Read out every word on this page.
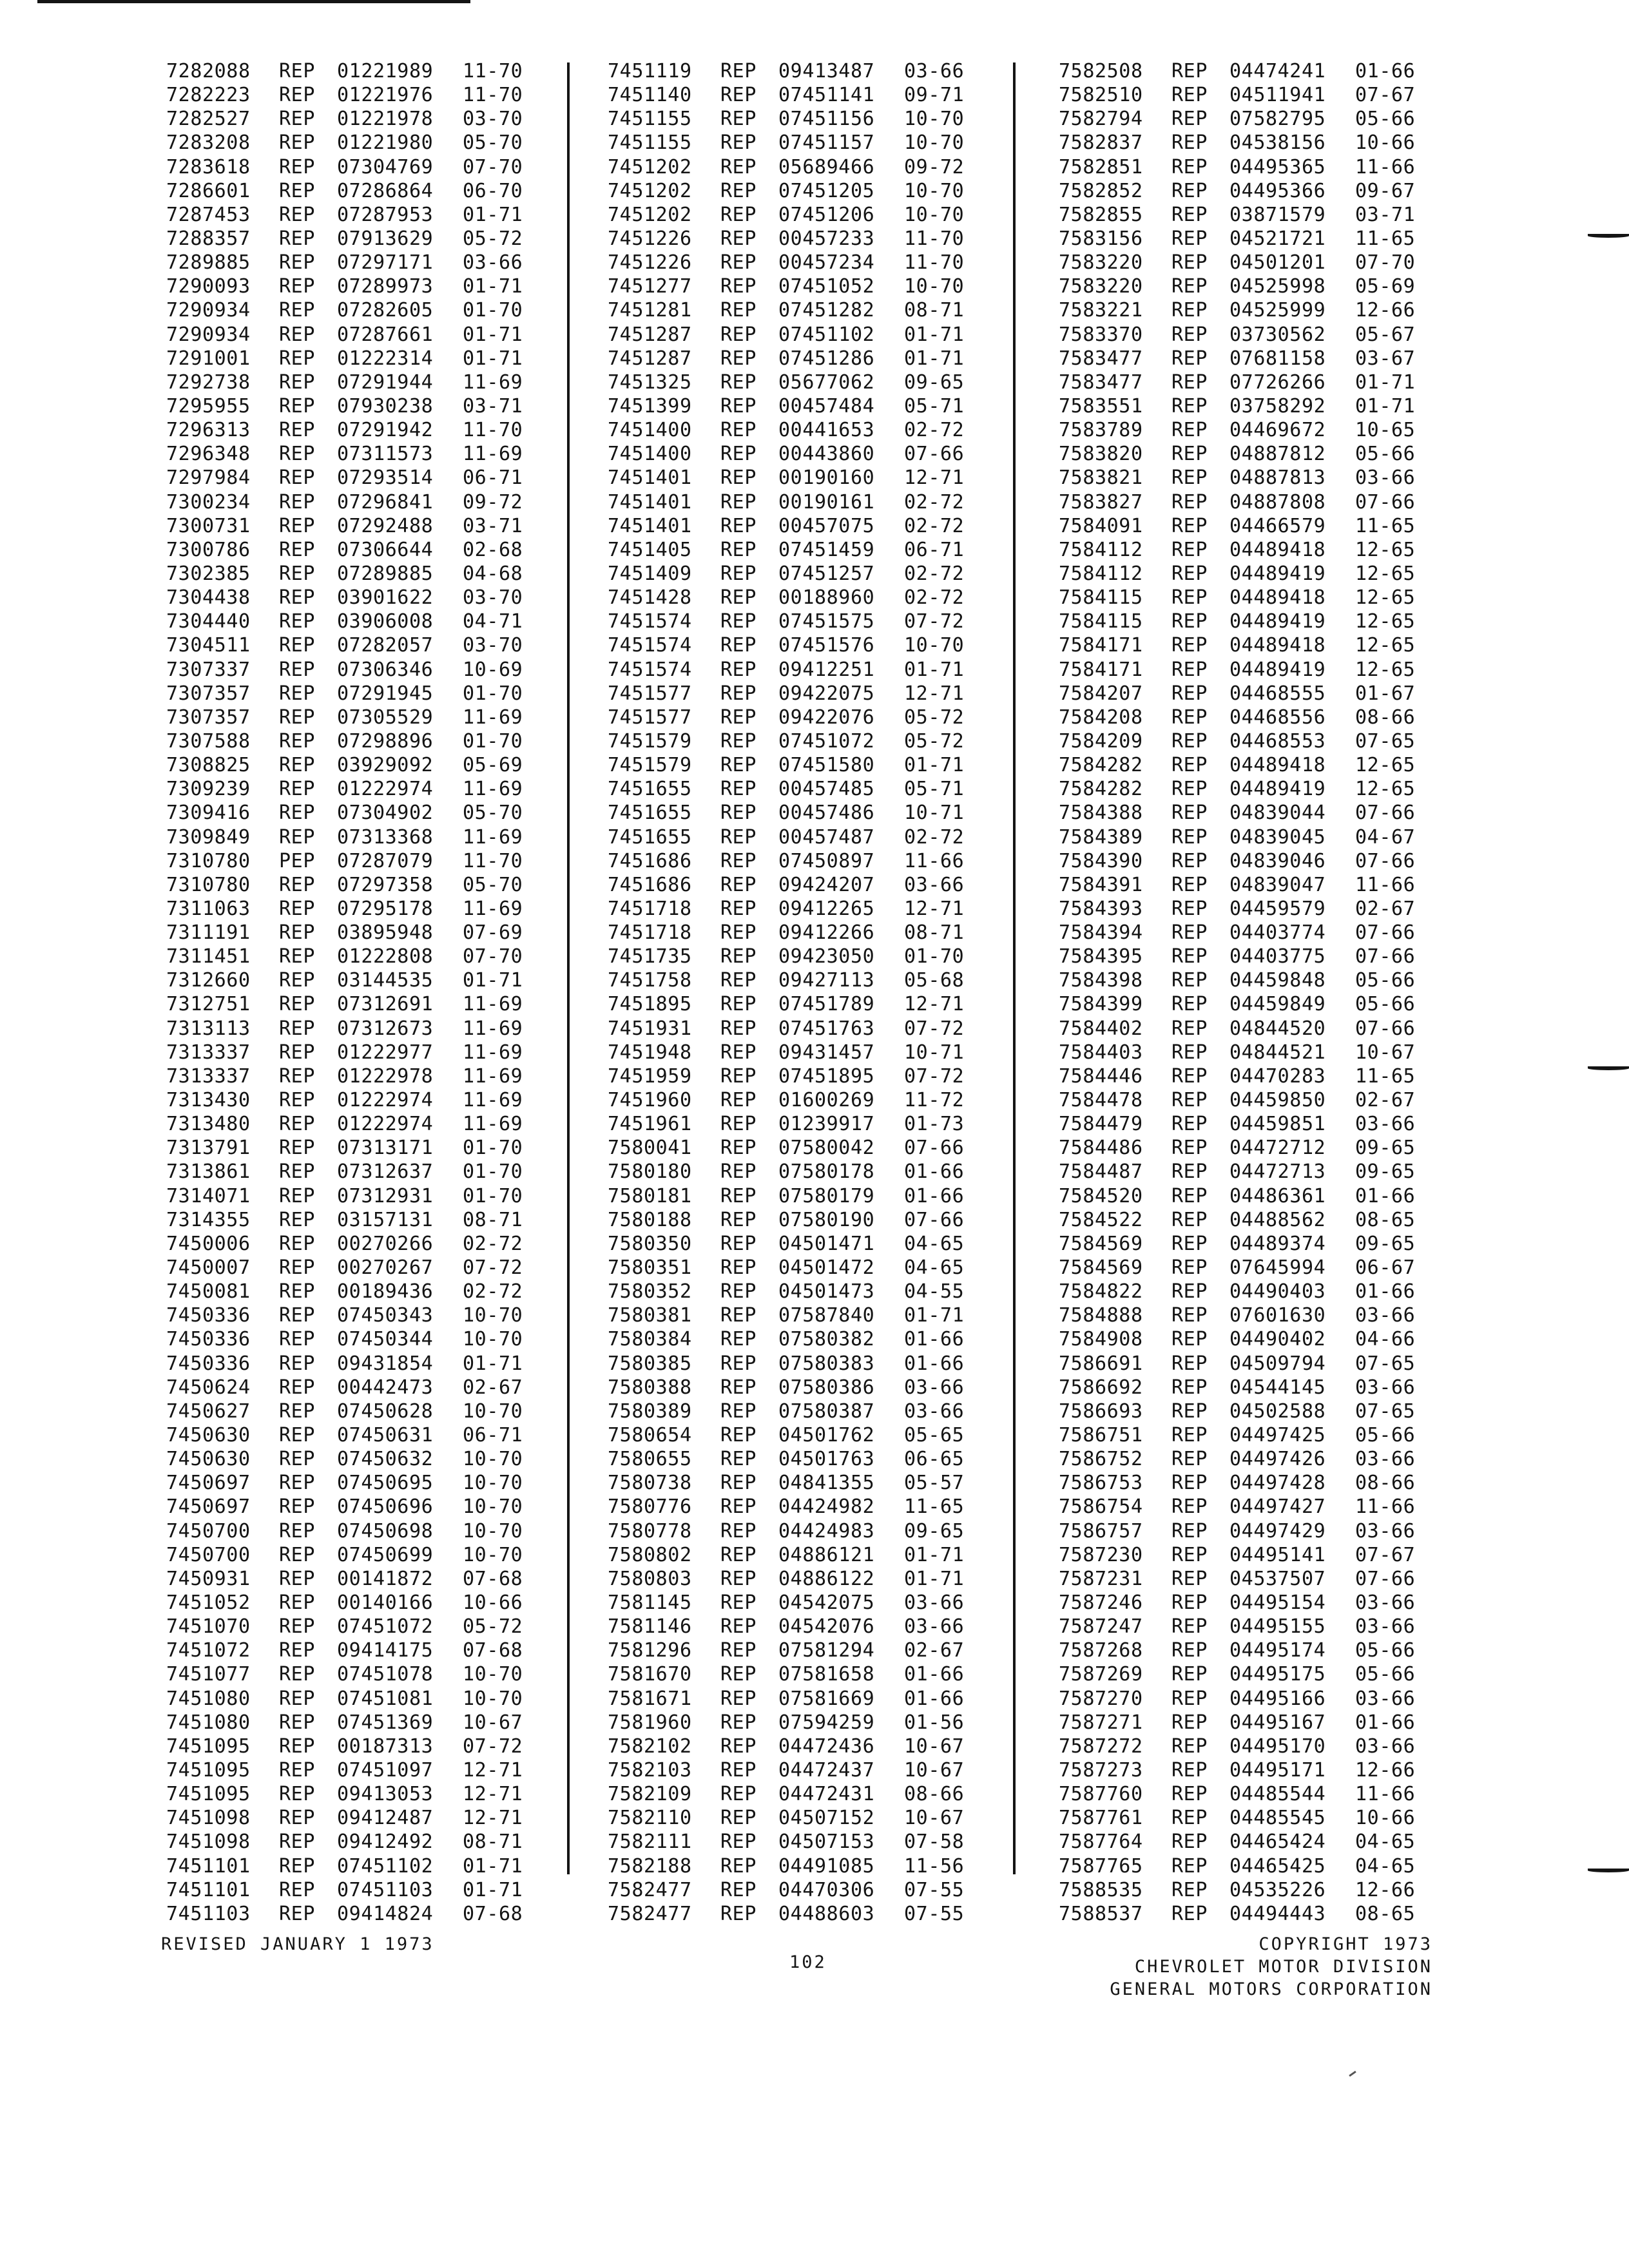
7282088 REP 01221989 11-70
7282223 REP 01221976 11-70
7282527 REP 01221978 03-70
7283208 REP 01221980 05-70
7283618 REP 07304769 07-70
7286601 REP 07286864 06-70
7287453 REP 07287953 01-71
7288357 REP 07913629 05-72
7289885 REP 07297171 03-66
7290093 REP 07289973 01-71
7290934 REP 07282605 01-70
7290934 REP 07287661 01-71
7291001 REP 01222314 01-71
7292738 REP 07291944 11-69
7295955 REP 07930238 03-71
7296313 REP 07291942 11-70
7296348 REP 07311573 11-69
7297984 REP 07293514 06-71
7300234 REP 07296841 09-72
7300731 REP 07292488 03-71
7300786 REP 07306644 02-68
7302385 REP 07289885 04-68
7304438 REP 03901622 03-70
7304440 REP 03906008 04-71
7304511 REP 07282057 03-70
7307337 REP 07306346 10-69
7307357 REP 07291945 01-70
7307357 REP 07305529 11-69
7307588 REP 07298896 01-70
7308825 REP 03929092 05-69
7309239 REP 01222974 11-69
7309416 REP 07304902 05-70
7309849 REP 07313368 11-69
7310780 PEP 07287079 11-70
7310780 REP 07297358 05-70
7311063 REP 07295178 11-69
7311191 REP 03895948 07-69
7311451 REP 01222808 07-70
7312660 REP 03144535 01-71
7312751 REP 07312691 11-69
7313113 REP 07312673 11-69
7313337 REP 01222977 11-69
7313337 REP 01222978 11-69
7313430 REP 01222974 11-69
7313480 REP 01222974 11-69
7313791 REP 07313171 01-70
7313861 REP 07312637 01-70
7314071 REP 07312931 01-70
7314355 REP 03157131 08-71
7450006 REP 00270266 02-72
7450007 REP 00270267 07-72
7450081 REP 00189436 02-72
7450336 REP 07450343 10-70
7450336 REP 07450344 10-70
7450336 REP 09431854 01-71
7450624 REP 00442473 02-67
7450627 REP 07450628 10-70
7450630 REP 07450631 06-71
7450630 REP 07450632 10-70
7450697 REP 07450695 10-70
7450697 REP 07450696 10-70
7450700 REP 07450698 10-70
7450700 REP 07450699 10-70
7450931 REP 00141872 07-68
7451052 REP 00140166 10-66
7451070 REP 07451072 05-72
7451072 REP 09414175 07-68
7451077 REP 07451078 10-70
7451080 REP 07451081 10-70
7451080 REP 07451369 10-67
7451095 REP 00187313 07-72
7451095 REP 07451097 12-71
7451095 REP 09413053 12-71
7451098 REP 09412487 12-71
7451098 REP 09412492 08-71
7451101 REP 07451102 01-71
7451101 REP 07451103 01-71
7451103 REP 09414824 07-68
7451119 REP 09413487 03-66
7451140 REP 07451141 09-71
7451155 REP 07451156 10-70
7451155 REP 07451157 10-70
7451202 REP 05689466 09-72
7451202 REP 07451205 10-70
7451202 REP 07451206 10-70
7451226 REP 00457233 11-70
7451226 REP 00457234 11-70
7451277 REP 07451052 10-70
7451281 REP 07451282 08-71
7451287 REP 07451102 01-71
7451287 REP 07451286 01-71
7451325 REP 05677062 09-65
7451399 REP 00457484 05-71
7451400 REP 00441653 02-72
7451400 REP 00443860 07-66
7451401 REP 00190160 12-71
7451401 REP 00190161 02-72
7451401 REP 00457075 02-72
7451405 REP 07451459 06-71
7451409 REP 07451257 02-72
7451428 REP 00188960 02-72
7451574 REP 07451575 07-72
7451574 REP 07451576 10-70
7451574 REP 09412251 01-71
7451577 REP 09422075 12-71
7451577 REP 09422076 05-72
7451579 REP 07451072 05-72
7451579 REP 07451580 01-71
7451655 REP 00457485 05-71
7451655 REP 00457486 10-71
7451655 REP 00457487 02-72
7451686 REP 07450897 11-66
7451686 REP 09424207 03-66
7451718 REP 09412265 12-71
7451718 REP 09412266 08-71
7451735 REP 09423050 01-70
7451758 REP 09427113 05-68
7451895 REP 07451789 12-71
7451931 REP 07451763 07-72
7451948 REP 09431457 10-71
7451959 REP 07451895 07-72
7451960 REP 01600269 11-72
7451961 REP 01239917 01-73
7580041 REP 07580042 07-66
7580180 REP 07580178 01-66
7580181 REP 07580179 01-66
7580188 REP 07580190 07-66
7580350 REP 04501471 04-65
7580351 REP 04501472 04-65
7580352 REP 04501473 04-55
7580381 REP 07587840 01-71
7580384 REP 07580382 01-66
7580385 REP 07580383 01-66
7580388 REP 07580386 03-66
7580389 REP 07580387 03-66
7580654 REP 04501762 05-65
7580655 REP 04501763 06-65
7580738 REP 04841355 05-57
7580776 REP 04424982 11-65
7580778 REP 04424983 09-65
7580802 REP 04886121 01-71
7580803 REP 04886122 01-71
7581145 REP 04542075 03-66
7581146 REP 04542076 03-66
7581296 REP 07581294 02-67
7581670 REP 07581658 01-66
7581671 REP 07581669 01-66
7581960 REP 07594259 01-56
7582102 REP 04472436 10-67
7582103 REP 04472437 10-67
7582109 REP 04472431 08-66
7582110 REP 04507152 10-67
7582111 REP 04507153 07-58
7582188 REP 04491085 11-56
7582477 REP 04470306 07-55
7582477 REP 04488603 07-55
7582508 REP 04474241 01-66
7582510 REP 04511941 07-67
7582794 REP 07582795 05-66
7582837 REP 04538156 10-66
7582851 REP 04495365 11-66
7582852 REP 04495366 09-67
7582855 REP 03871579 03-71
7583156 REP 04521721 11-65
7583220 REP 04501201 07-70
7583220 REP 04525998 05-69
7583221 REP 04525999 12-66
7583370 REP 03730562 05-67
7583477 REP 07681158 03-67
7583477 REP 07726266 01-71
7583551 REP 03758292 01-71
7583789 REP 04469672 10-65
7583820 REP 04887812 05-66
7583821 REP 04887813 03-66
7583827 REP 04887808 07-66
7584091 REP 04466579 11-65
7584112 REP 04489418 12-65
7584112 REP 04489419 12-65
7584115 REP 04489418 12-65
7584115 REP 04489419 12-65
7584171 REP 04489418 12-65
7584171 REP 04489419 12-65
7584207 REP 04468555 01-67
7584208 REP 04468556 08-66
7584209 REP 04468553 07-65
7584282 REP 04489418 12-65
7584282 REP 04489419 12-65
7584388 REP 04839044 07-66
7584389 REP 04839045 04-67
7584390 REP 04839046 07-66
7584391 REP 04839047 11-66
7584393 REP 04459579 02-67
7584394 REP 04403774 07-66
7584395 REP 04403775 07-66
7584398 REP 04459848 05-66
7584399 REP 04459849 05-66
7584402 REP 04844520 07-66
7584403 REP 04844521 10-67
7584446 REP 04470283 11-65
7584478 REP 04459850 02-67
7584479 REP 04459851 03-66
7584486 REP 04472712 09-65
7584487 REP 04472713 09-65
7584520 REP 04486361 01-66
7584522 REP 04488562 08-65
7584569 REP 04489374 09-65
7584569 REP 07645994 06-67
7584822 REP 04490403 01-66
7584888 REP 07601630 03-66
7584908 REP 04490402 04-66
7586691 REP 04509794 07-65
7586692 REP 04544145 03-66
7586693 REP 04502588 07-65
7586751 REP 04497425 05-66
7586752 REP 04497426 03-66
7586753 REP 04497428 08-66
7586754 REP 04497427 11-66
7586757 REP 04497429 03-66
7587230 REP 04495141 07-67
7587231 REP 04537507 07-66
7587246 REP 04495154 03-66
7587247 REP 04495155 03-66
7587268 REP 04495174 05-66
7587269 REP 04495175 05-66
7587270 REP 04495166 03-66
7587271 REP 04495167 01-66
7587272 REP 04495170 03-66
7587273 REP 04495171 12-66
7587760 REP 04485544 11-66
7587761 REP 04485545 10-66
7587764 REP 04465424 04-65
7587765 REP 04465425 04-65
7588535 REP 04535226 12-66
7588537 REP 04494443 08-65
REVISED JANUARY 1 1973
102
COPYRIGHT 1973
CHEVROLET MOTOR DIVISION
GENERAL MOTORS CORPORATION
